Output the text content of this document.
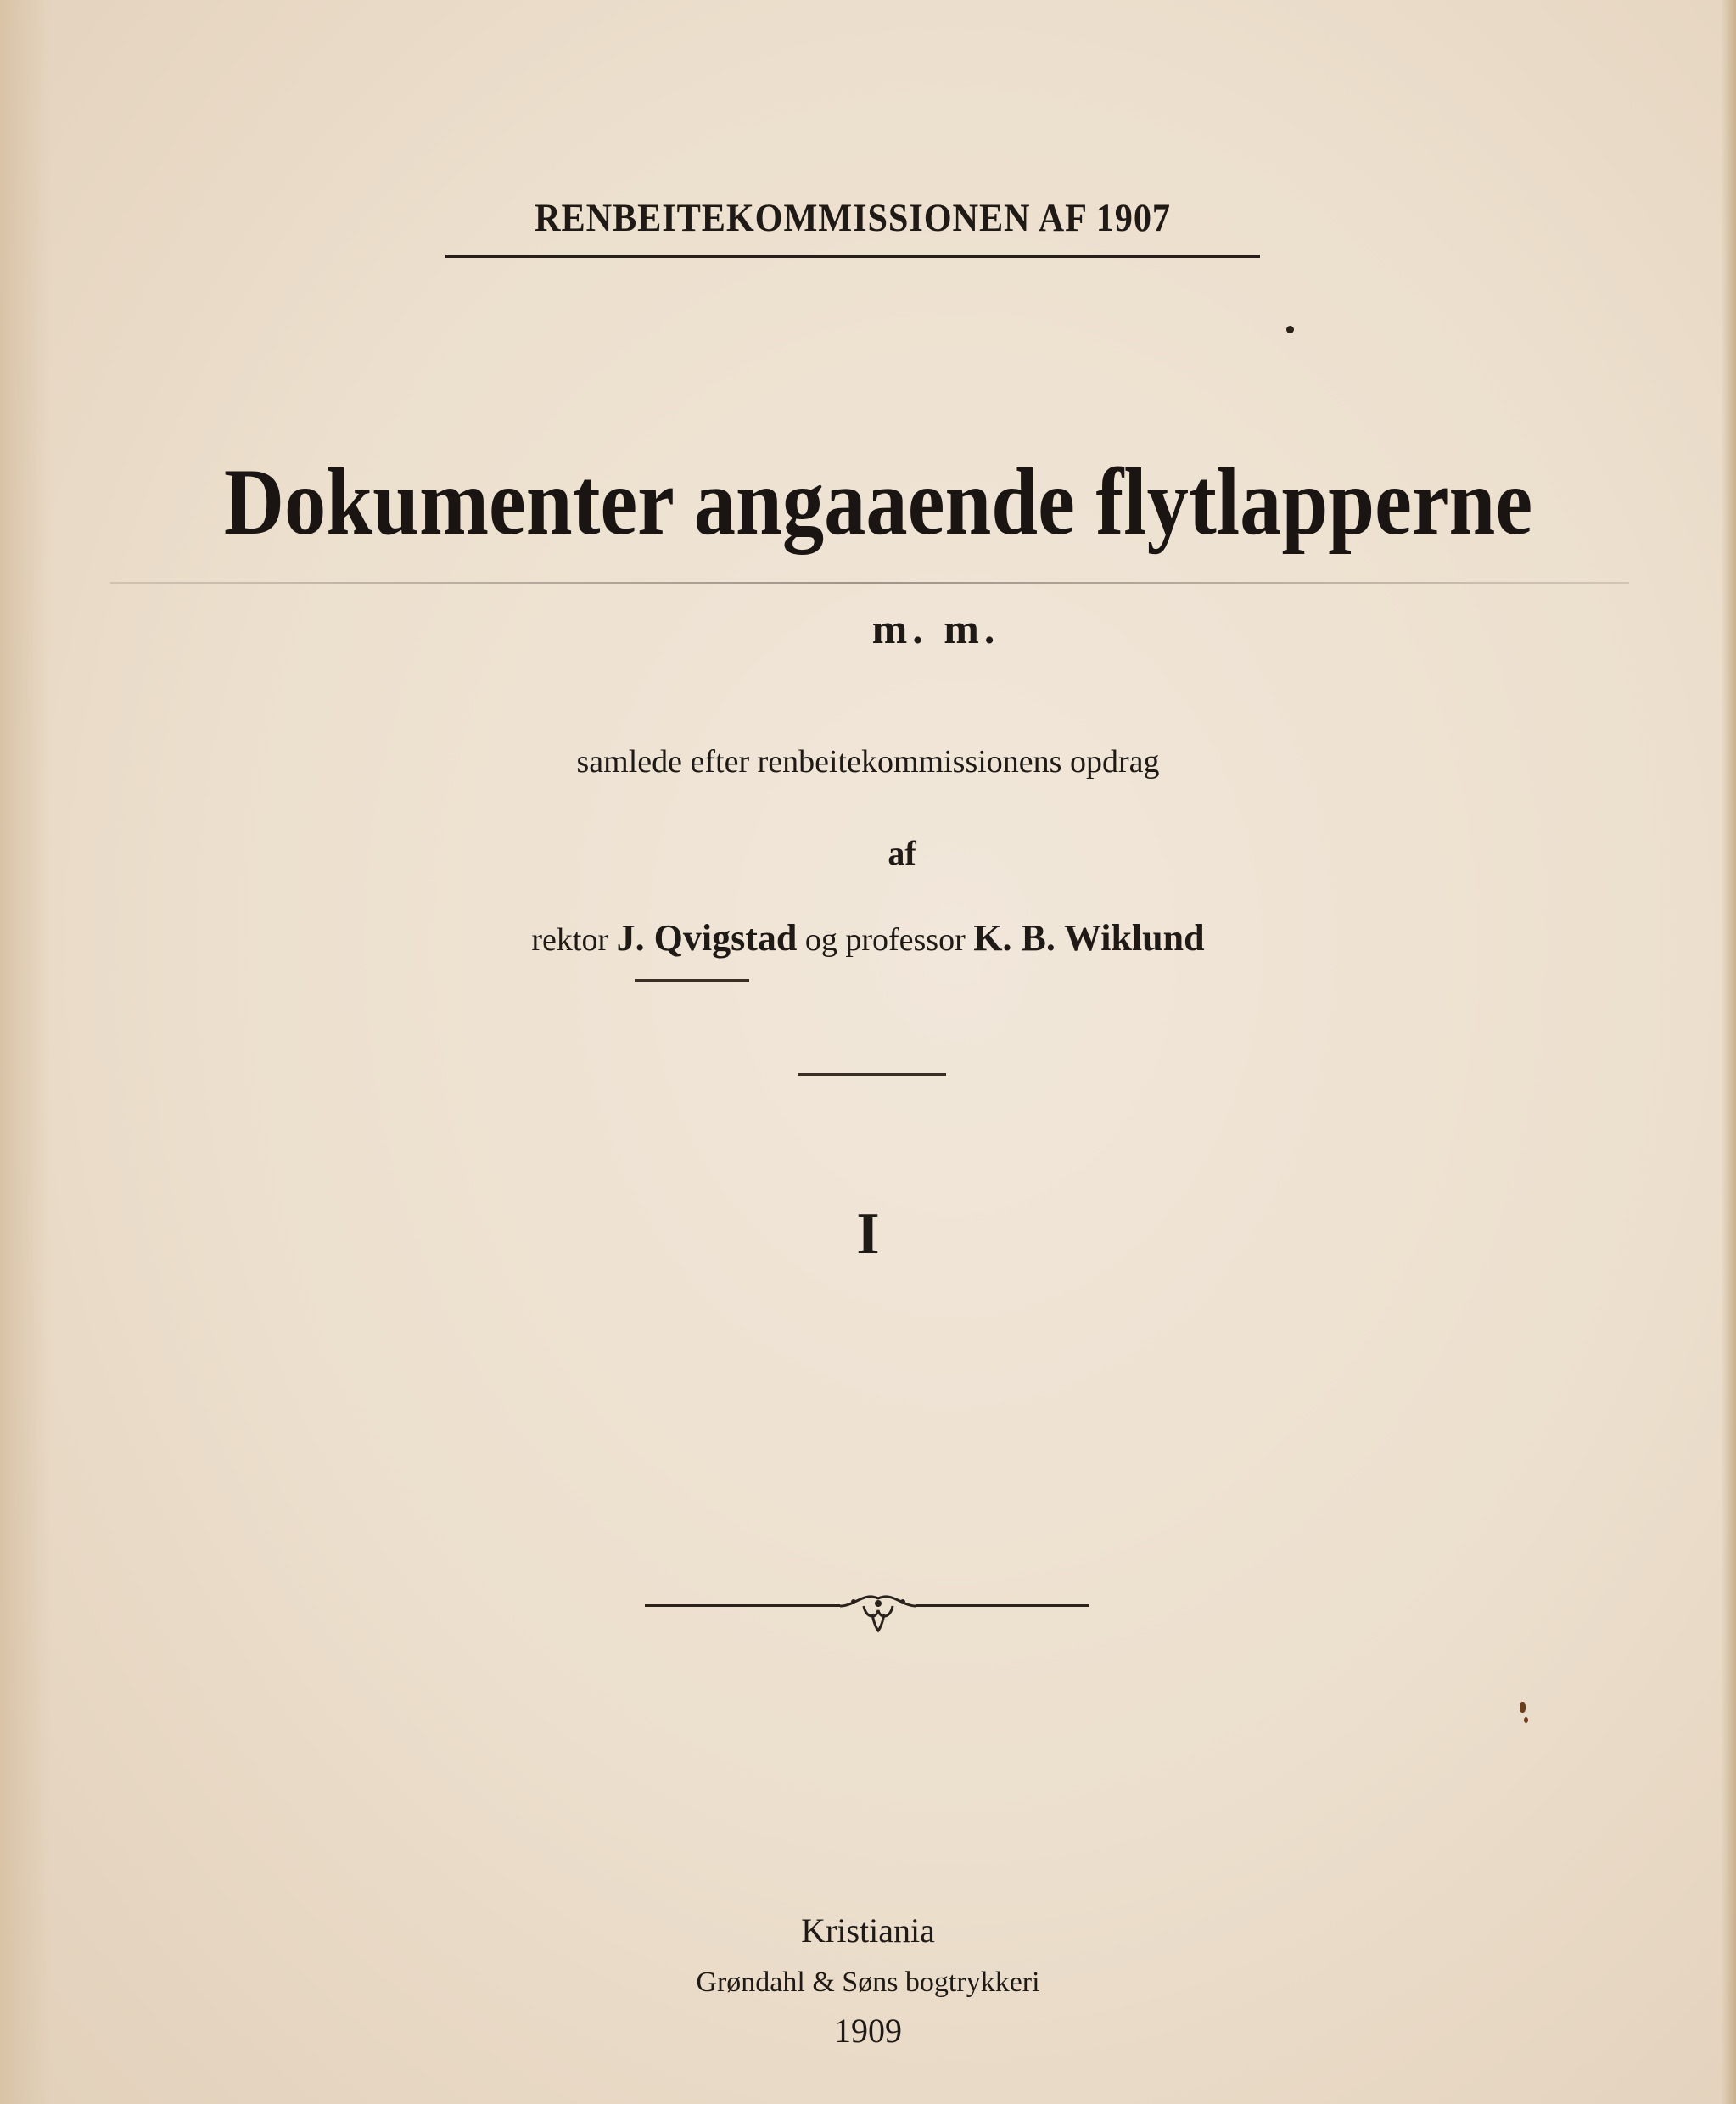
RENBEITEKOMMISSIONEN AF 1907
Dokumenter angaaende flytlapperne
m. m.
samlede efter renbeitekommissionens opdrag
af
rektor J. Qvigstad og professor K. B. Wiklund
I
Kristiania
Grøndahl & Søns bogtrykkeri
1909
